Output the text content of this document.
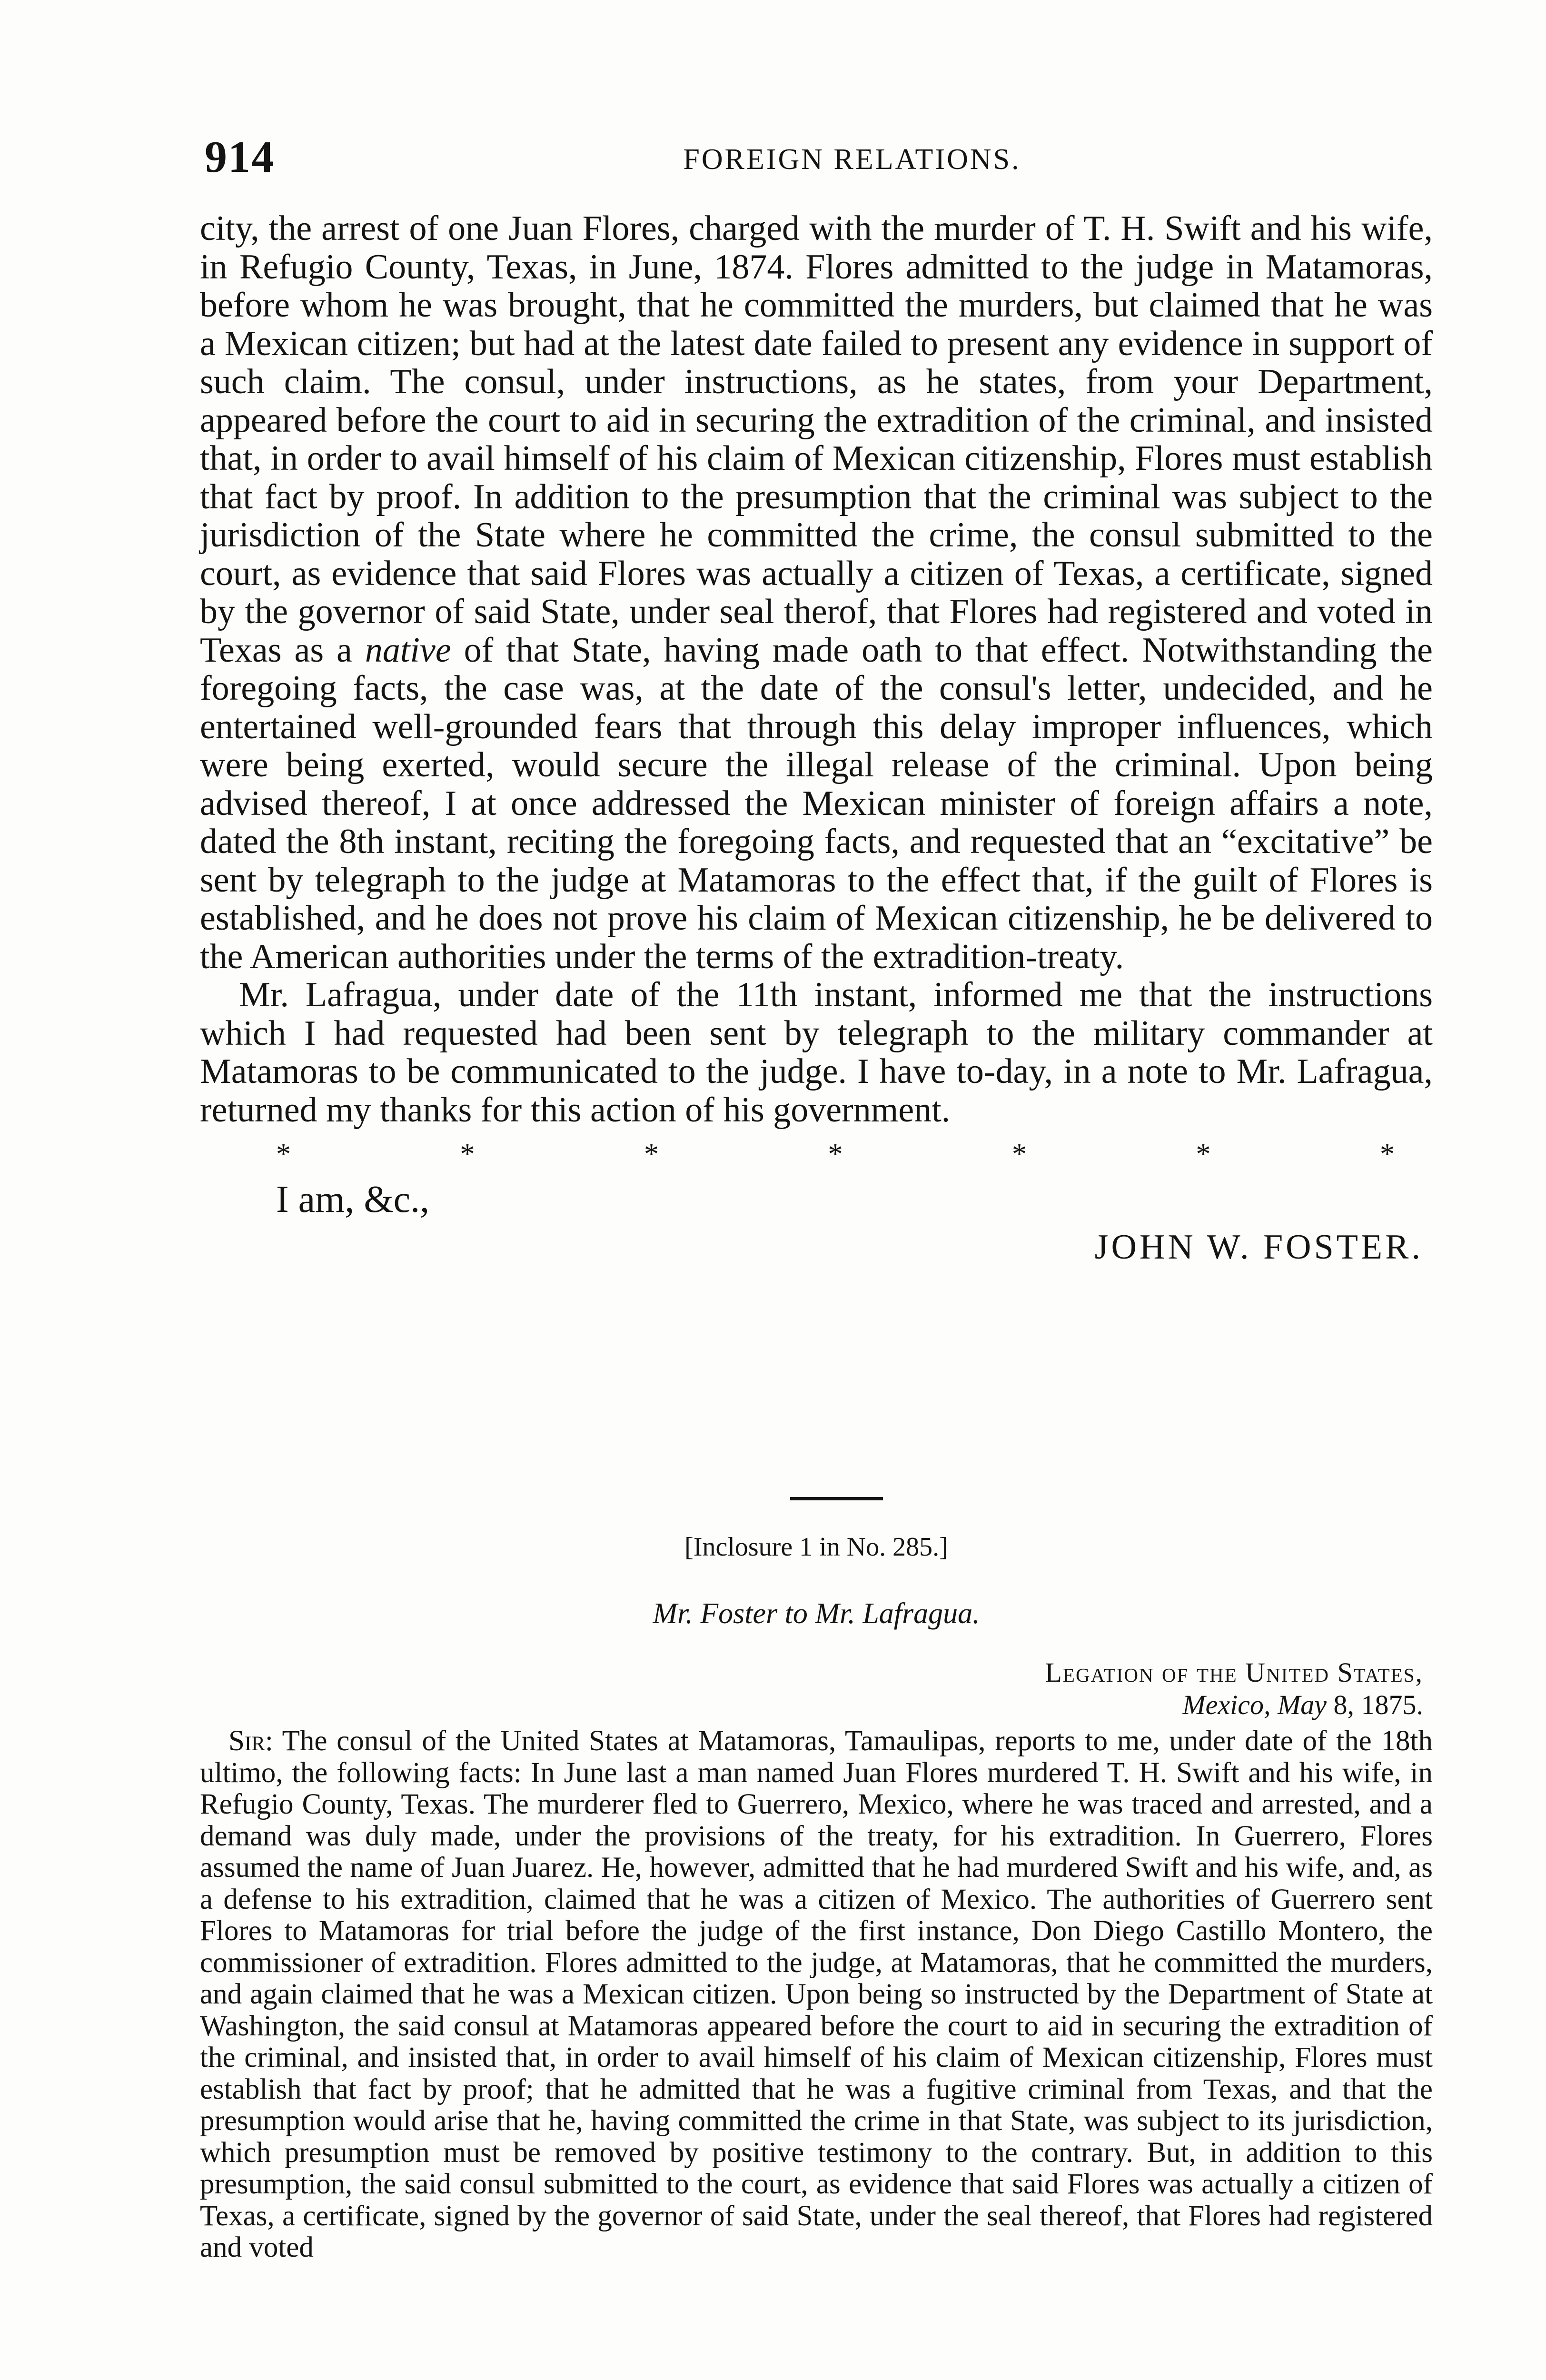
914	FOREIGN RELATIONS.

city, the arrest of one Juan Flores, charged with the murder of T. H. Swift and his wife, in Refugio County, Texas, in June, 1874. Flores admitted to the judge in Matamoras, before whom he was brought, that he committed the murders, but claimed that he was a Mexican citizen; but had at the latest date failed to present any evidence in support of such claim. The consul, under instructions, as he states, from your Department, appeared before the court to aid in securing the extradition of the criminal, and insisted that, in order to avail himself of his claim of Mexican citizenship, Flores must establish that fact by proof. In addition to the presumption that the criminal was subject to the jurisdiction of the State where he committed the crime, the consul submitted to the court, as evidence that said Flores was actually a citizen of Texas, a certificate, signed by the governor of said State, under seal therof, that Flores had registered and voted in Texas as a native of that State, having made oath to that effect. Notwithstanding the foregoing facts, the case was, at the date of the consul's letter, undecided, and he entertained well-grounded fears that through this delay improper influences, which were being exerted, would secure the illegal release of the criminal. Upon being advised thereof, I at once addressed the Mexican minister of foreign affairs a note, dated the 8th instant, reciting the foregoing facts, and requested that an “excitative” be sent by telegraph to the judge at Matamoras to the effect that, if the guilt of Flores is established, and he does not prove his claim of Mexican citizenship, he be delivered to the American authorities under the terms of the extradition-treaty.

Mr. Lafragua, under date of the 11th instant, informed me that the instructions which I had requested had been sent by telegraph to the military commander at Matamoras to be communicated to the judge. I have to-day, in a note to Mr. Lafragua, returned my thanks for this action of his government.

*	*	*	*	*	*	*
I am, &c.,
JOHN W. FOSTER.
[Inclosure 1 in No. 285.]
Mr. Foster to Mr. Lafragua.
Legation of the United States,
Mexico, May 8, 1875.

Sir: The consul of the United States at Matamoras, Tamaulipas, reports to me, under date of the 18th ultimo, the following facts: In June last a man named Juan Flores murdered T. H. Swift and his wife, in Refugio County, Texas. The murderer fled to Guerrero, Mexico, where he was traced and arrested, and a demand was duly made, under the provisions of the treaty, for his extradition. In Guerrero, Flores assumed the name of Juan Juarez. He, however, admitted that he had murdered Swift and his wife, and, as a defense to his extradition, claimed that he was a citizen of Mexico. The authorities of Guerrero sent Flores to Matamoras for trial before the judge of the first instance, Don Diego Castillo Montero, the commissioner of extradition. Flores admitted to the judge, at Matamoras, that he committed the murders, and again claimed that he was a Mexican citizen. Upon being so instructed by the Department of State at Washington, the said consul at Matamoras appeared before the court to aid in securing the extradition of the criminal, and insisted that, in order to avail himself of his claim of Mexican citizenship, Flores must establish that fact by proof; that he admitted that he was a fugitive criminal from Texas, and that the presumption would arise that he, having committed the crime in that State, was subject to its jurisdiction, which presumption must be removed by positive testimony to the contrary. But, in addition to this presumption, the said consul submitted to the court, as evidence that said Flores was actually a citizen of Texas, a certificate, signed by the governor of said State, under the seal thereof, that Flores had registered and voted
